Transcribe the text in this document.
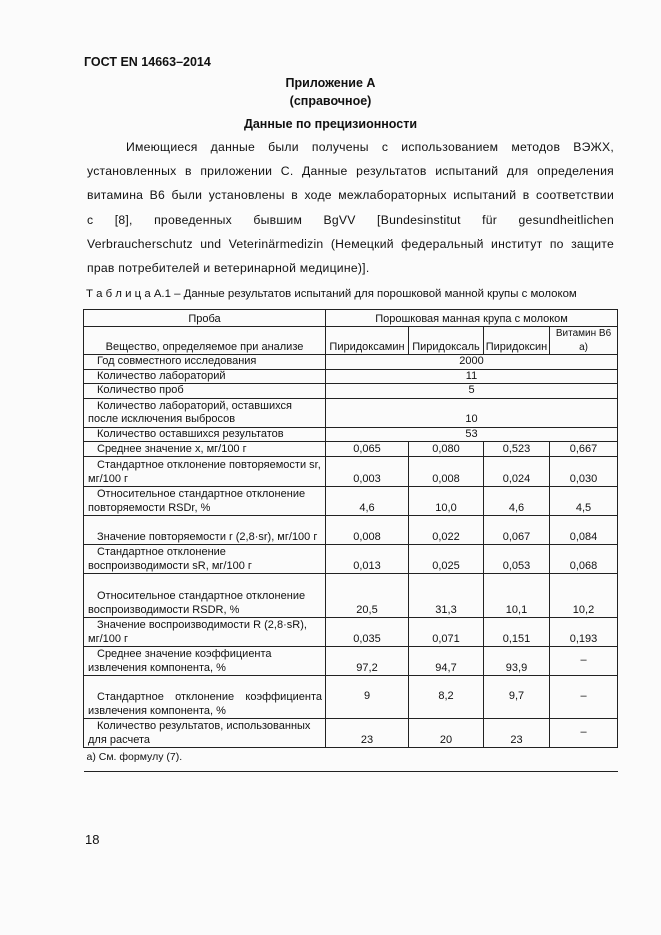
ГОСТ EN 14663–2014
Приложение А
(справочное)
Данные по прецизионности
Имеющиеся данные были получены с использованием методов ВЭЖХ,
установленных в приложении С. Данные результатов испытаний для определения
витамина В6 были установлены в ходе межлабораторных испытаний в соответствии
с [8], проведенных бывшим BgVV [Bundesinstitut für gesundheitlichen
Verbraucherschutz und Veterinärmedizin (Немецкий федеральный институт по защите
прав потребителей и ветеринарной медицине)].
Т а б л и ц а А.1 – Данные результатов испытаний для порошковой манной крупы с молоком
Проба	Порошковая манная крупа с молоком			
Вещество, определяемое при анализе	Пиридоксамин	Пиридоксаль	Пиридоксин	Витамин В6 a)

Год совместного исследования	2000			

Количество лабораторий	11			

Количество проб	5			

Количество лабораторий, оставшихся после исключения выбросов	10			

Количество оставшихся результатов	53			

Среднее значение x, мг/100 г	0,065	0,080	0,523	0,667

Стандартное отклонение повторяемости sr, мг/100 г	0,003	0,008	0,024	0,030

Относительное стандартное отклонение повторяемости RSDr, %	4,6	10,0	4,6	4,5

Значение повторяемости r (2,8·sr), мг/100 г	0,008	0,022	0,067	0,084

Стандартное отклонение воспроизводимости sR, мг/100 г	0,013	0,025	0,053	0,068

Относительное стандартное отклонение воспроизводимости RSDR, %	20,5	31,3	10,1	10,2

Значение воспроизводимости R (2,8·sR), мг/100 г	0,035	0,071	0,151	0,193

Среднее значение коэффициента извлечения компонента, %	97,2	94,7	93,9	–

Стандартное отклонение коэффициента извлечения компонента, %	9	8,2	9,7	–

Количество результатов, использованных для расчета	23	20	23	–
а) См. формулу (7).				
18
